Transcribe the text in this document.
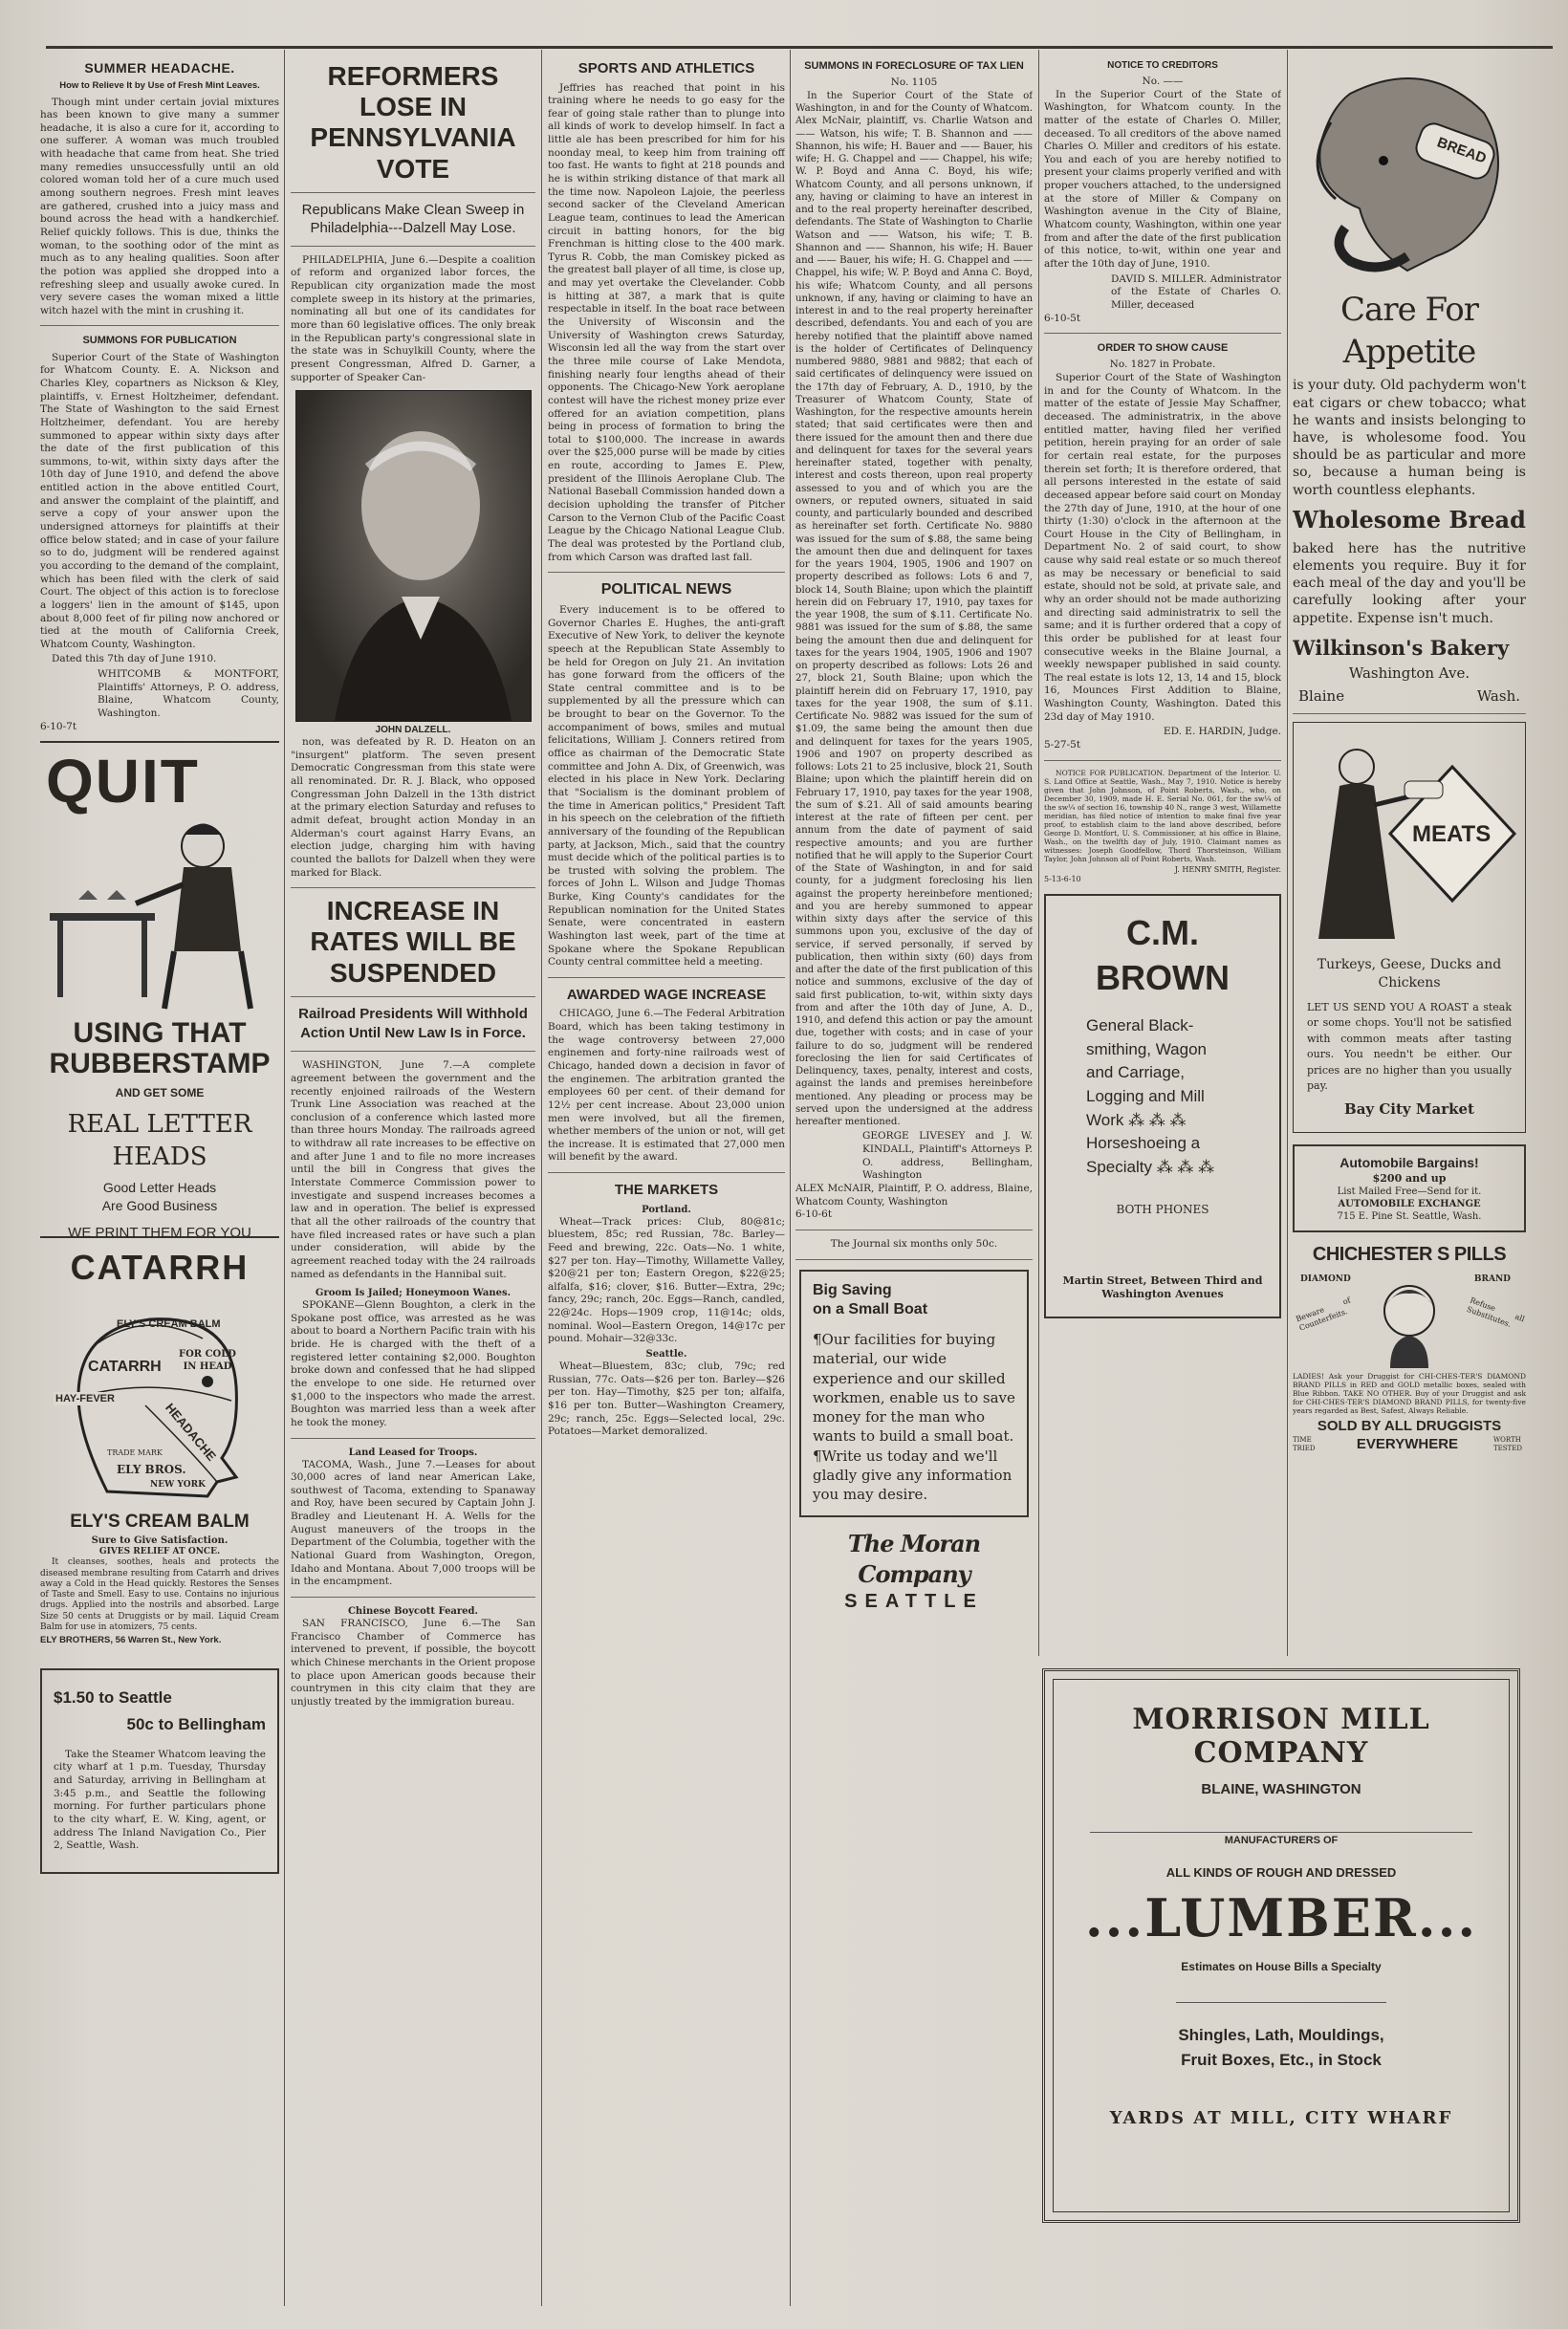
SUMMER HEADACHE.
How to Relieve It by Use of Fresh Mint Leaves.

Though mint under certain jovial mixtures has been known to give many a summer headache, it is also a cure for it, according to one sufferer. A woman was much troubled with headache that came from heat. She tried many remedies unsuccessfully until an old colored woman told her of a cure much used among southern negroes. Fresh mint leaves are gathered, crushed into a juicy mass and bound across the head with a handkerchief. Relief quickly follows. This is due, thinks the woman, to the soothing odor of the mint as much as to any healing qualities. Soon after the potion was applied she dropped into a refreshing sleep and usually awoke cured. In very severe cases the woman mixed a little witch hazel with the mint in crushing it.

SUMMONS FOR PUBLICATION

Superior Court of the State of Washington for Whatcom County. E. A. Nickson and Charles Kley, copartners as Nickson & Kley, plaintiffs, v. Ernest Holtzheimer, defendant. The State of Washington to the said Ernest Holtzheimer, defendant. You are hereby summoned to appear within sixty days after the date of the first publication of this summons, to-wit, within sixty days after the 10th day of June 1910, and defend the above entitled action in the above entitled Court, and answer the complaint of the plaintiff, and serve a copy of your answer upon the undersigned attorneys for plaintiffs at their office below stated; and in case of your failure so to do, judgment will be rendered against you according to the demand of the complaint, which has been filed with the clerk of said Court. The object of this action is to foreclose a loggers' lien in the amount of $145, upon about 8,000 feet of fir piling now anchored or tied at the mouth of California Creek, Whatcom County, Washington.

Dated this 7th day of June 1910.

WHITCOMB & MONTFORT, Plaintiffs' Attorneys, P. O. address, Blaine, Whatcom County, Washington.
6-10-7t
QUIT
USING THAT
RUBBERSTAMP
AND GET SOME
REAL LETTER HEADS
Good Letter Heads
Are Good Business
WE PRINT THEM FOR YOU
CATARRH
ELY'S CREAM BALM
FOR COLD IN HEAD
CATARRH
HAY-FEVER
HEADACHE
TRADE MARK
ELY BROS.
NEW YORK
ELY'S CREAM BALM
Sure to Give Satisfaction.
GIVES RELIEF AT ONCE.

It cleanses, soothes, heals and protects the diseased membrane resulting from Catarrh and drives away a Cold in the Head quickly. Restores the Senses of Taste and Smell. Easy to use. Contains no injurious drugs. Applied into the nostrils and absorbed. Large Size 50 cents at Druggists or by mail. Liquid Cream Balm for use in atomizers, 75 cents.

ELY BROTHERS, 56 Warren St., New York.
$1.50 to Seattle
50c to Bellingham

Take the Steamer Whatcom leaving the city wharf at 1 p.m. Tuesday, Thursday and Saturday, arriving in Bellingham at 3:45 p.m., and Seattle the following morning. For further particulars phone to the city wharf, E. W. King, agent, or address The Inland Navigation Co., Pier 2, Seattle, Wash.

REFORMERS LOSE IN PENNSYLVANIA VOTE
Republicans Make Clean Sweep in Philadelphia---Dalzell May Lose.

PHILADELPHIA, June 6.—Despite a coalition of reform and organized labor forces, the Republican city organization made the most complete sweep in its history at the primaries, nominating all but one of its candidates for more than 60 legislative offices. The only break in the Republican party's congressional slate in the state was in Schuylkill County, where the present Congressman, Alfred D. Garner, a supporter of Speaker Can-

JOHN DALZELL.

non, was defeated by R. D. Heaton on an "insurgent" platform. The seven present Democratic Congressman from this state were all renominated. Dr. R. J. Black, who opposed Congressman John Dalzell in the 13th district at the primary election Saturday and refuses to admit defeat, brought action Monday in an Alderman's court against Harry Evans, an election judge, charging him with having counted the ballots for Dalzell when they were marked for Black.

INCREASE IN RATES WILL BE SUSPENDED
Railroad Presidents Will Withhold Action Until New Law Is in Force.

WASHINGTON, June 7.—A complete agreement between the government and the recently enjoined railroads of the Western Trunk Line Association was reached at the conclusion of a conference which lasted more than three hours Monday. The railroads agreed to withdraw all rate increases to be effective on and after June 1 and to file no more increases until the bill in Congress that gives the Interstate Commerce Commission power to investigate and suspend increases becomes a law and in operation. The belief is expressed that all the other railroads of the country that have filed increased rates or have such a plan under consideration, will abide by the agreement reached today with the 24 railroads named as defendants in the Hannibal suit.

Groom Is Jailed; Honeymoon Wanes.

SPOKANE—Glenn Boughton, a clerk in the Spokane post office, was arrested as he was about to board a Northern Pacific train with his bride. He is charged with the theft of a registered letter containing $2,000. Boughton broke down and confessed that he had slipped the envelope to one side. He returned over $1,000 to the inspectors who made the arrest. Boughton was married less than a week after he took the money.

Land Leased for Troops.

TACOMA, Wash., June 7.—Leases for about 30,000 acres of land near American Lake, southwest of Tacoma, extending to Spanaway and Roy, have been secured by Captain John J. Bradley and Lieutenant H. A. Wells for the August maneuvers of the troops in the Department of the Columbia, together with the National Guard from Washington, Oregon, Idaho and Montana. About 7,000 troops will be in the encampment.

Chinese Boycott Feared.

SAN FRANCISCO, June 6.—The San Francisco Chamber of Commerce has intervened to prevent, if possible, the boycott which Chinese merchants in the Orient propose to place upon American goods because their countrymen in this city claim that they are unjustly treated by the immigration bureau.

SPORTS AND ATHLETICS

Jeffries has reached that point in his training where he needs to go easy for the fear of going stale rather than to plunge into all kinds of work to develop himself. In fact a little ale has been prescribed for him for his noonday meal, to keep him from training off too fast. He wants to fight at 218 pounds and he is within striking distance of that mark all the time now. Napoleon Lajoie, the peerless second sacker of the Cleveland American League team, continues to lead the American circuit in batting honors, for the big Frenchman is hitting close to the 400 mark. Tyrus R. Cobb, the man Comiskey picked as the greatest ball player of all time, is close up, and may yet overtake the Clevelander. Cobb is hitting at 387, a mark that is quite respectable in itself. In the boat race between the University of Wisconsin and the University of Washington crews Saturday, Wisconsin led all the way from the start over the three mile course of Lake Mendota, finishing nearly four lengths ahead of their opponents. The Chicago-New York aeroplane contest will have the richest money prize ever offered for an aviation competition, plans being in process of formation to bring the total to $100,000. The increase in awards over the $25,000 purse will be made by cities en route, according to James E. Plew, president of the Illinois Aeroplane Club. The National Baseball Commission handed down a decision upholding the transfer of Pitcher Carson to the Vernon Club of the Pacific Coast League by the Chicago National League Club. The deal was protested by the Portland club, from which Carson was drafted last fall.

POLITICAL NEWS

Every inducement is to be offered to Governor Charles E. Hughes, the anti-graft Executive of New York, to deliver the keynote speech at the Republican State Assembly to be held for Oregon on July 21. An invitation has gone forward from the officers of the State central committee and is to be supplemented by all the pressure which can be brought to bear on the Governor. To the accompaniment of bows, smiles and mutual felicitations, William J. Conners retired from office as chairman of the Democratic State committee and John A. Dix, of Greenwich, was elected in his place in New York. Declaring that "Socialism is the dominant problem of the time in American politics," President Taft in his speech on the celebration of the fiftieth anniversary of the founding of the Republican party, at Jackson, Mich., said that the country must decide which of the political parties is to be trusted with solving the problem. The forces of John L. Wilson and Judge Thomas Burke, King County's candidates for the Republican nomination for the United States Senate, were concentrated in eastern Washington last week, part of the time at Spokane where the Spokane Republican County central committee held a meeting.

AWARDED WAGE INCREASE

CHICAGO, June 6.—The Federal Arbitration Board, which has been taking testimony in the wage controversy between 27,000 enginemen and forty-nine railroads west of Chicago, handed down a decision in favor of the enginemen. The arbitration granted the employees 60 per cent. of their demand for 12½ per cent increase. About 23,000 union men were involved, but all the firemen, whether members of the union or not, will get the increase. It is estimated that 27,000 men will benefit by the award.

THE MARKETS
Portland.

Wheat—Track prices: Club, 80@81c; bluestem, 85c; red Russian, 78c. Barley—Feed and brewing, 22c. Oats—No. 1 white, $27 per ton. Hay—Timothy, Willamette Valley, $20@21 per ton; Eastern Oregon, $22@25; alfalfa, $16; clover, $16. Butter—Extra, 29c; fancy, 29c; ranch, 20c. Eggs—Ranch, candled, 22@24c. Hops—1909 crop, 11@14c; olds, nominal. Wool—Eastern Oregon, 14@17c per pound. Mohair—32@33c.

Seattle.

Wheat—Bluestem, 83c; club, 79c; red Russian, 77c. Oats—$26 per ton. Barley—$26 per ton. Hay—Timothy, $25 per ton; alfalfa, $16 per ton. Butter—Washington Creamery, 29c; ranch, 25c. Eggs—Selected local, 29c. Potatoes—Market demoralized.

SUMMONS IN FORECLOSURE OF TAX LIEN
No. 1105

In the Superior Court of the State of Washington, in and for the County of Whatcom. Alex McNair, plaintiff, vs. Charlie Watson and —— Watson, his wife; T. B. Shannon and —— Shannon, his wife; H. Bauer and —— Bauer, his wife; H. G. Chappel and —— Chappel, his wife; W. P. Boyd and Anna C. Boyd, his wife; Whatcom County, and all persons unknown, if any, having or claiming to have an interest in and to the real property hereinafter described, defendants. The State of Washington to Charlie Watson and —— Watson, his wife; T. B. Shannon and —— Shannon, his wife; H. Bauer and —— Bauer, his wife; H. G. Chappel and —— Chappel, his wife; W. P. Boyd and Anna C. Boyd, his wife; Whatcom County, and all persons unknown, if any, having or claiming to have an interest in and to the real property hereinafter described, defendants. You and each of you are hereby notified that the plaintiff above named is the holder of Certificates of Delinquency numbered 9880, 9881 and 9882; that each of said certificates of delinquency were issued on the 17th day of February, A. D., 1910, by the Treasurer of Whatcom County, State of Washington, for the respective amounts herein stated; that said certificates were then and there issued for the amount then and there due and delinquent for taxes for the several years hereinafter stated, together with penalty, interest and costs thereon, upon real property assessed to you and of which you are the owners, or reputed owners, situated in said county, and particularly bounded and described as hereinafter set forth. Certificate No. 9880 was issued for the sum of $.88, the same being the amount then due and delinquent for taxes for the years 1904, 1905, 1906 and 1907 on property described as follows: Lots 6 and 7, block 14, South Blaine; upon which the plaintiff herein did on February 17, 1910, pay taxes for the year 1908, the sum of $.11. Certificate No. 9881 was issued for the sum of $.88, the same being the amount then due and delinquent for taxes for the years 1904, 1905, 1906 and 1907 on property described as follows: Lots 26 and 27, block 21, South Blaine; upon which the plaintiff herein did on February 17, 1910, pay taxes for the year 1908, the sum of $.11. Certificate No. 9882 was issued for the sum of $1.09, the same being the amount then due and delinquent for taxes for the years 1905, 1906 and 1907 on property described as follows: Lots 21 to 25 inclusive, block 21, South Blaine; upon which the plaintiff herein did on February 17, 1910, pay taxes for the year 1908, the sum of $.21. All of said amounts bearing interest at the rate of fifteen per cent. per annum from the date of payment of said respective amounts; and you are further notified that he will apply to the Superior Court of the State of Washington, in and for said county, for a judgment foreclosing his lien against the property hereinbefore mentioned; and you are hereby summoned to appear within sixty days after the service of this summons upon you, exclusive of the day of service, if served personally, if served by publication, then within sixty (60) days from and after the date of the first publication of this notice and summons, exclusive of the day of said first publication, to-wit, within sixty days from and after the 10th day of June, A. D., 1910, and defend this action or pay the amount due, together with costs; and in case of your failure to do so, judgment will be rendered foreclosing the lien for said Certificates of Delinquency, taxes, penalty, interest and costs, against the lands and premises hereinbefore mentioned. Any pleading or process may be served upon the undersigned at the address hereafter mentioned.

GEORGE LIVESEY and J. W. KINDALL, Plaintiff's Attorneys P. O. address, Bellingham, Washington
ALEX McNAIR, Plaintiff, P. O. address, Blaine, Whatcom County, Washington
6-10-6t
The Journal six months only 50c.
Big Saving
on a Small Boat

¶Our facilities for buying material, our wide experience and our skilled workmen, enable us to save money for the man who wants to build a small boat. ¶Write us today and we'll gladly give any information you may desire.

The Moran Company
SEATTLE
NOTICE TO CREDITORS
No. ——

In the Superior Court of the State of Washington, for Whatcom county. In the matter of the estate of Charles O. Miller, deceased. To all creditors of the above named Charles O. Miller and creditors of his estate. You and each of you are hereby notified to present your claims properly verified and with proper vouchers attached, to the undersigned at the store of Miller & Company on Washington avenue in the City of Blaine, Whatcom county, Washington, within one year from and after the date of the first publication of this notice, to-wit, within one year and after the 10th day of June, 1910.

DAVID S. MILLER. Administrator of the Estate of Charles O. Miller, deceased
6-10-5t
ORDER TO SHOW CAUSE
No. 1827 in Probate.

Superior Court of the State of Washington in and for the County of Whatcom. In the matter of the estate of Jessie May Schaffner, deceased. The administratrix, in the above entitled matter, having filed her verified petition, herein praying for an order of sale for certain real estate, for the purposes therein set forth; It is therefore ordered, that all persons interested in the estate of said deceased appear before said court on Monday the 27th day of June, 1910, at the hour of one thirty (1:30) o'clock in the afternoon at the Court House in the City of Bellingham, in Department No. 2 of said court, to show cause why said real estate or so much thereof as may be necessary or beneficial to said estate, should not be sold, at private sale, and why an order should not be made authorizing and directing said administratrix to sell the same; and it is further ordered that a copy of this order be published for at least four consecutive weeks in the Blaine Journal, a weekly newspaper published in said county. The real estate is lots 12, 13, 14 and 15, block 16, Mounces First Addition to Blaine, Washington County, Washington. Dated this 23d day of May 1910.

ED. E. HARDIN, Judge.
5-27-5t

NOTICE FOR PUBLICATION. Department of the Interior. U. S. Land Office at Seattle, Wash., May 7, 1910. Notice is hereby given that John Johnson, of Point Roberts, Wash., who, on December 30, 1909, made H. E. Serial No. 061, for the sw¼ of the sw¼ of section 16, township 40 N., range 3 west, Willamette meridian, has filed notice of intention to make final five year proof, to establish claim to the land above described, before George D. Montfort, U. S. Commissioner, at his office in Blaine, Wash., on the twelfth day of July, 1910. Claimant names as witnesses: Joseph Goodfellow, Thord Thorsteinson, William Taylor, John Johnson all of Point Roberts, Wash.

J. HENRY SMITH, Register.
5-13-6-10
C.M. BROWN
General Black-
smithing, Wagon
and Carriage,
Logging and Mill
Work ⁂ ⁂ ⁂
Horseshoeing a
Specialty ⁂ ⁂ ⁂
BOTH PHONES
Martin Street, Between Third and Washington Avenues
BREAD
Care For Appetite

is your duty. Old pachyderm won't eat cigars or chew tobacco; what he wants and insists belonging to have, is wholesome food. You should be as particular and more so, because a human being is worth countless elephants.

Wholesome Bread

baked here has the nutritive elements you require. Buy it for each meal of the day and you'll be carefully looking after your appetite. Expense isn't much.

Wilkinson's Bakery
Washington Ave.
Blaine	Wash.
MEATS
Turkeys, Geese, Ducks and Chickens

LET US SEND YOU A ROAST a steak or some chops. You'll not be satisfied with common meats after tasting ours. You needn't be either. Our prices are no higher than you usually pay.

Bay City Market
Automobile Bargains!
$200 and up
List Mailed Free—Send for it.
AUTOMOBILE EXCHANGE
715 E. Pine St. Seattle, Wash.
CHICHESTER S PILLS
DIAMOND	BRAND
Beware of Counterfeits.	Refuse all Substitutes.

LADIES! Ask your Druggist for CHI-CHES-TER'S DIAMOND BRAND PILLS in RED and GOLD metallic boxes, sealed with Blue Ribbon. TAKE NO OTHER. Buy of your Druggist and ask for CHI-CHES-TER'S DIAMOND BRAND PILLS, for twenty-five years regarded as Best, Safest, Always Reliable.

SOLD BY ALL DRUGGISTS
TIME TRIED	EVERYWHERE	WORTH TESTED
MORRISON MILL COMPANY
BLAINE, WASHINGTON
MANUFACTURERS OF
ALL KINDS OF ROUGH AND DRESSED
...LUMBER...
Estimates on House Bills a Specialty
Shingles, Lath, Mouldings,
Fruit Boxes, Etc., in Stock
YARDS AT MILL, CITY WHARF
